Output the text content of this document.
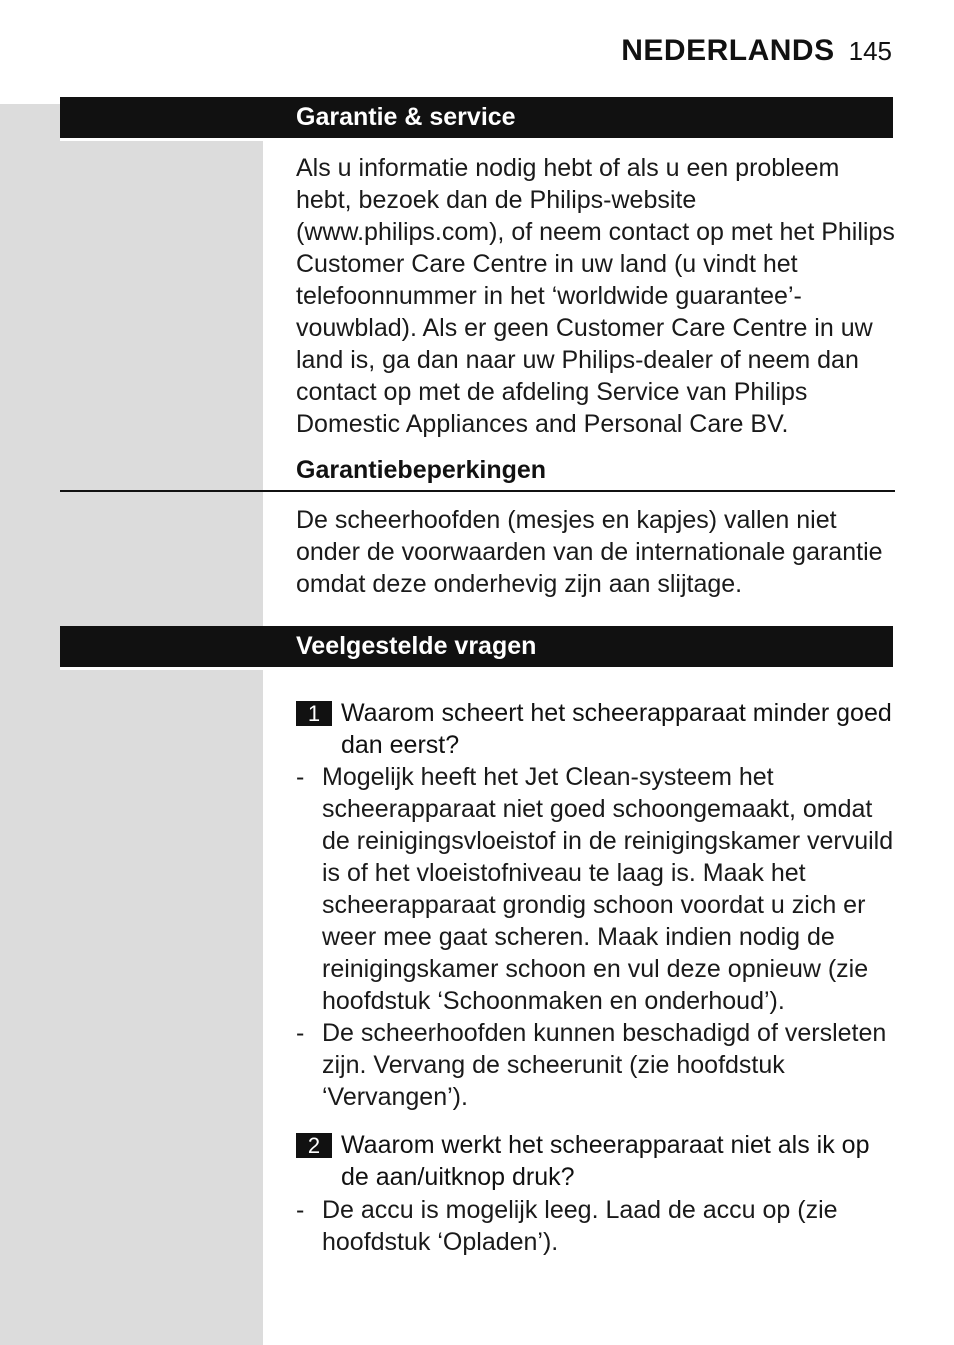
NEDERLANDS 145
Garantie & service
Als u informatie nodig hebt of als u een probleem hebt, bezoek dan de Philips-website (www.philips.com), of neem contact op met het Philips Customer Care Centre in uw land (u vindt het telefoonnummer in het ‘worldwide guarantee’-vouwblad). Als er geen Customer Care Centre in uw land is, ga dan naar uw Philips-dealer of neem dan contact op met de afdeling Service van Philips Domestic Appliances and Personal Care BV.
Garantiebeperkingen
De scheerhoofden (mesjes en kapjes) vallen niet onder de voorwaarden van de internationale garantie omdat deze onderhevig zijn aan slijtage.
Veelgestelde vragen
1 Waarom scheert het scheerapparaat minder goed dan eerst?
- Mogelijk heeft het Jet Clean-systeem het scheerapparaat niet goed schoongemaakt, omdat de reinigingsvloeistof in de reinigingskamer vervuild is of het vloeistofniveau te laag is. Maak het scheerapparaat grondig schoon voordat u zich er weer mee gaat scheren. Maak indien nodig de reinigingskamer schoon en vul deze opnieuw (zie hoofdstuk ‘Schoonmaken en onderhoud’).
- De scheerhoofden kunnen beschadigd of versleten zijn. Vervang de scheerunit (zie hoofdstuk ‘Vervangen’).
2 Waarom werkt het scheerapparaat niet als ik op de aan/uitknop druk?
- De accu is mogelijk leeg. Laad de accu op (zie hoofdstuk ‘Opladen’).
